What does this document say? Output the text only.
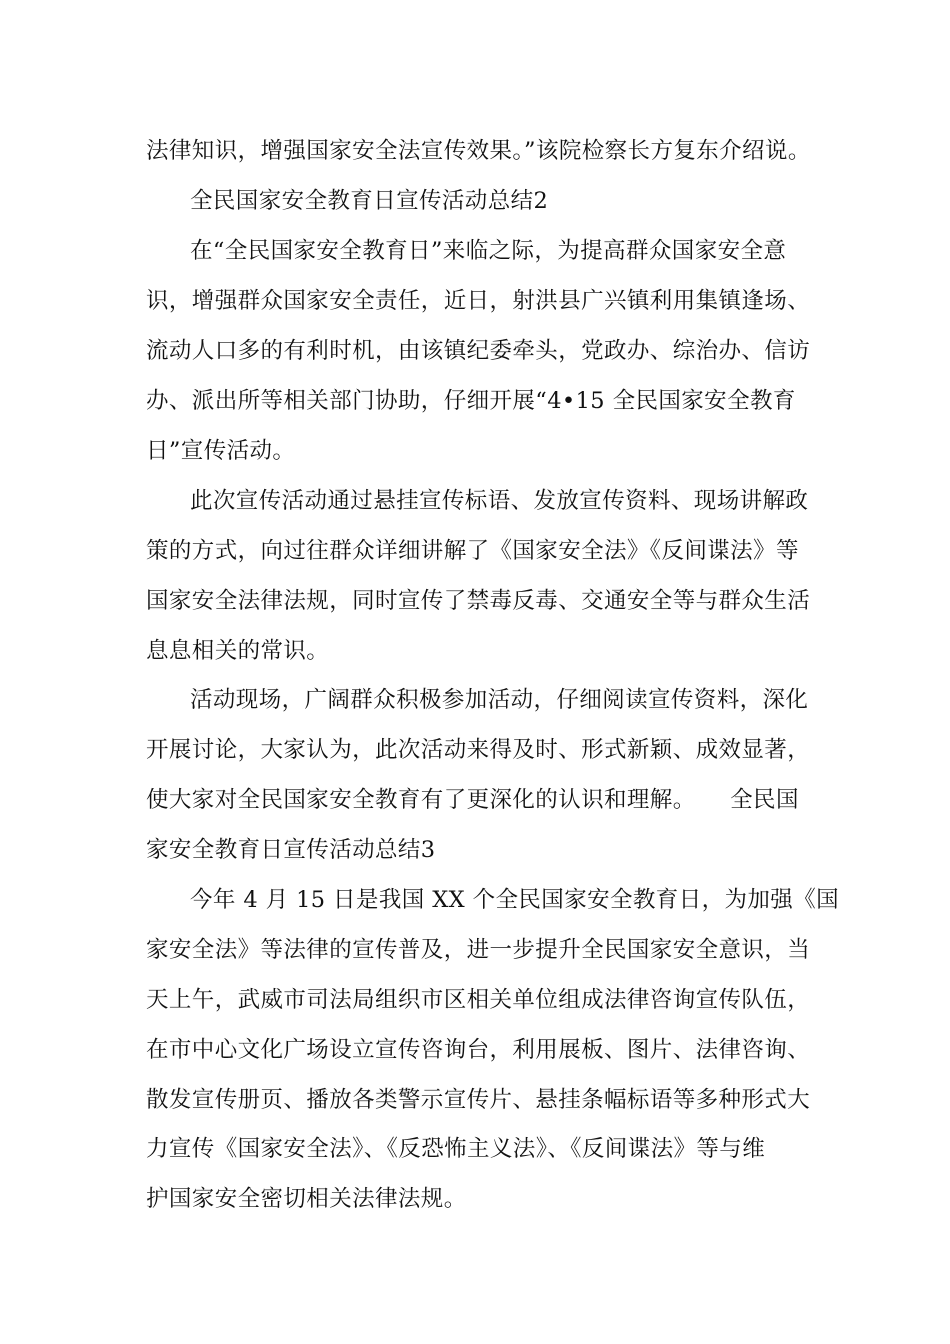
法律知识，增强国家安全法宣传效果。”该院检察长方复东介绍说。
全民国家安全教育日宣传活动总结2
在“全民国家安全教育日”来临之际，为提高群众国家安全意
识，增强群众国家安全责任，近日，射洪县广兴镇利用集镇逢场、
流动人口多的有利时机，由该镇纪委牵头，党政办、综治办、信访
办、派出所等相关部门协助，仔细开展“4•15 全民国家安全教育
日”宣传活动。
此次宣传活动通过悬挂宣传标语、发放宣传资料、现场讲解政
策的方式，向过往群众详细讲解了《国家安全法》《反间谍法》等
国家安全法律法规，同时宣传了禁毒反毒、交通安全等与群众生活
息息相关的常识。
活动现场，广阔群众积极参加活动，仔细阅读宣传资料，深化
开展讨论，大家认为，此次活动来得及时、形式新颖、成效显著，
使大家对全民国家安全教育有了更深化的认识和理解。　　全民国
家安全教育日宣传活动总结3
今年 4 月 15 日是我国 XX 个全民国家安全教育日，为加强《国
家安全法》等法律的宣传普及，进一步提升全民国家安全意识，当
天上午，武威市司法局组织市区相关单位组成法律咨询宣传队伍，
在市中心文化广场设立宣传咨询台，利用展板、图片、法律咨询、
散发宣传册页、播放各类警示宣传片、悬挂条幅标语等多种形式大
力宣传《国家安全法》、《反恐怖主义法》、《反间谍法》等与维
护国家安全密切相关法律法规。
